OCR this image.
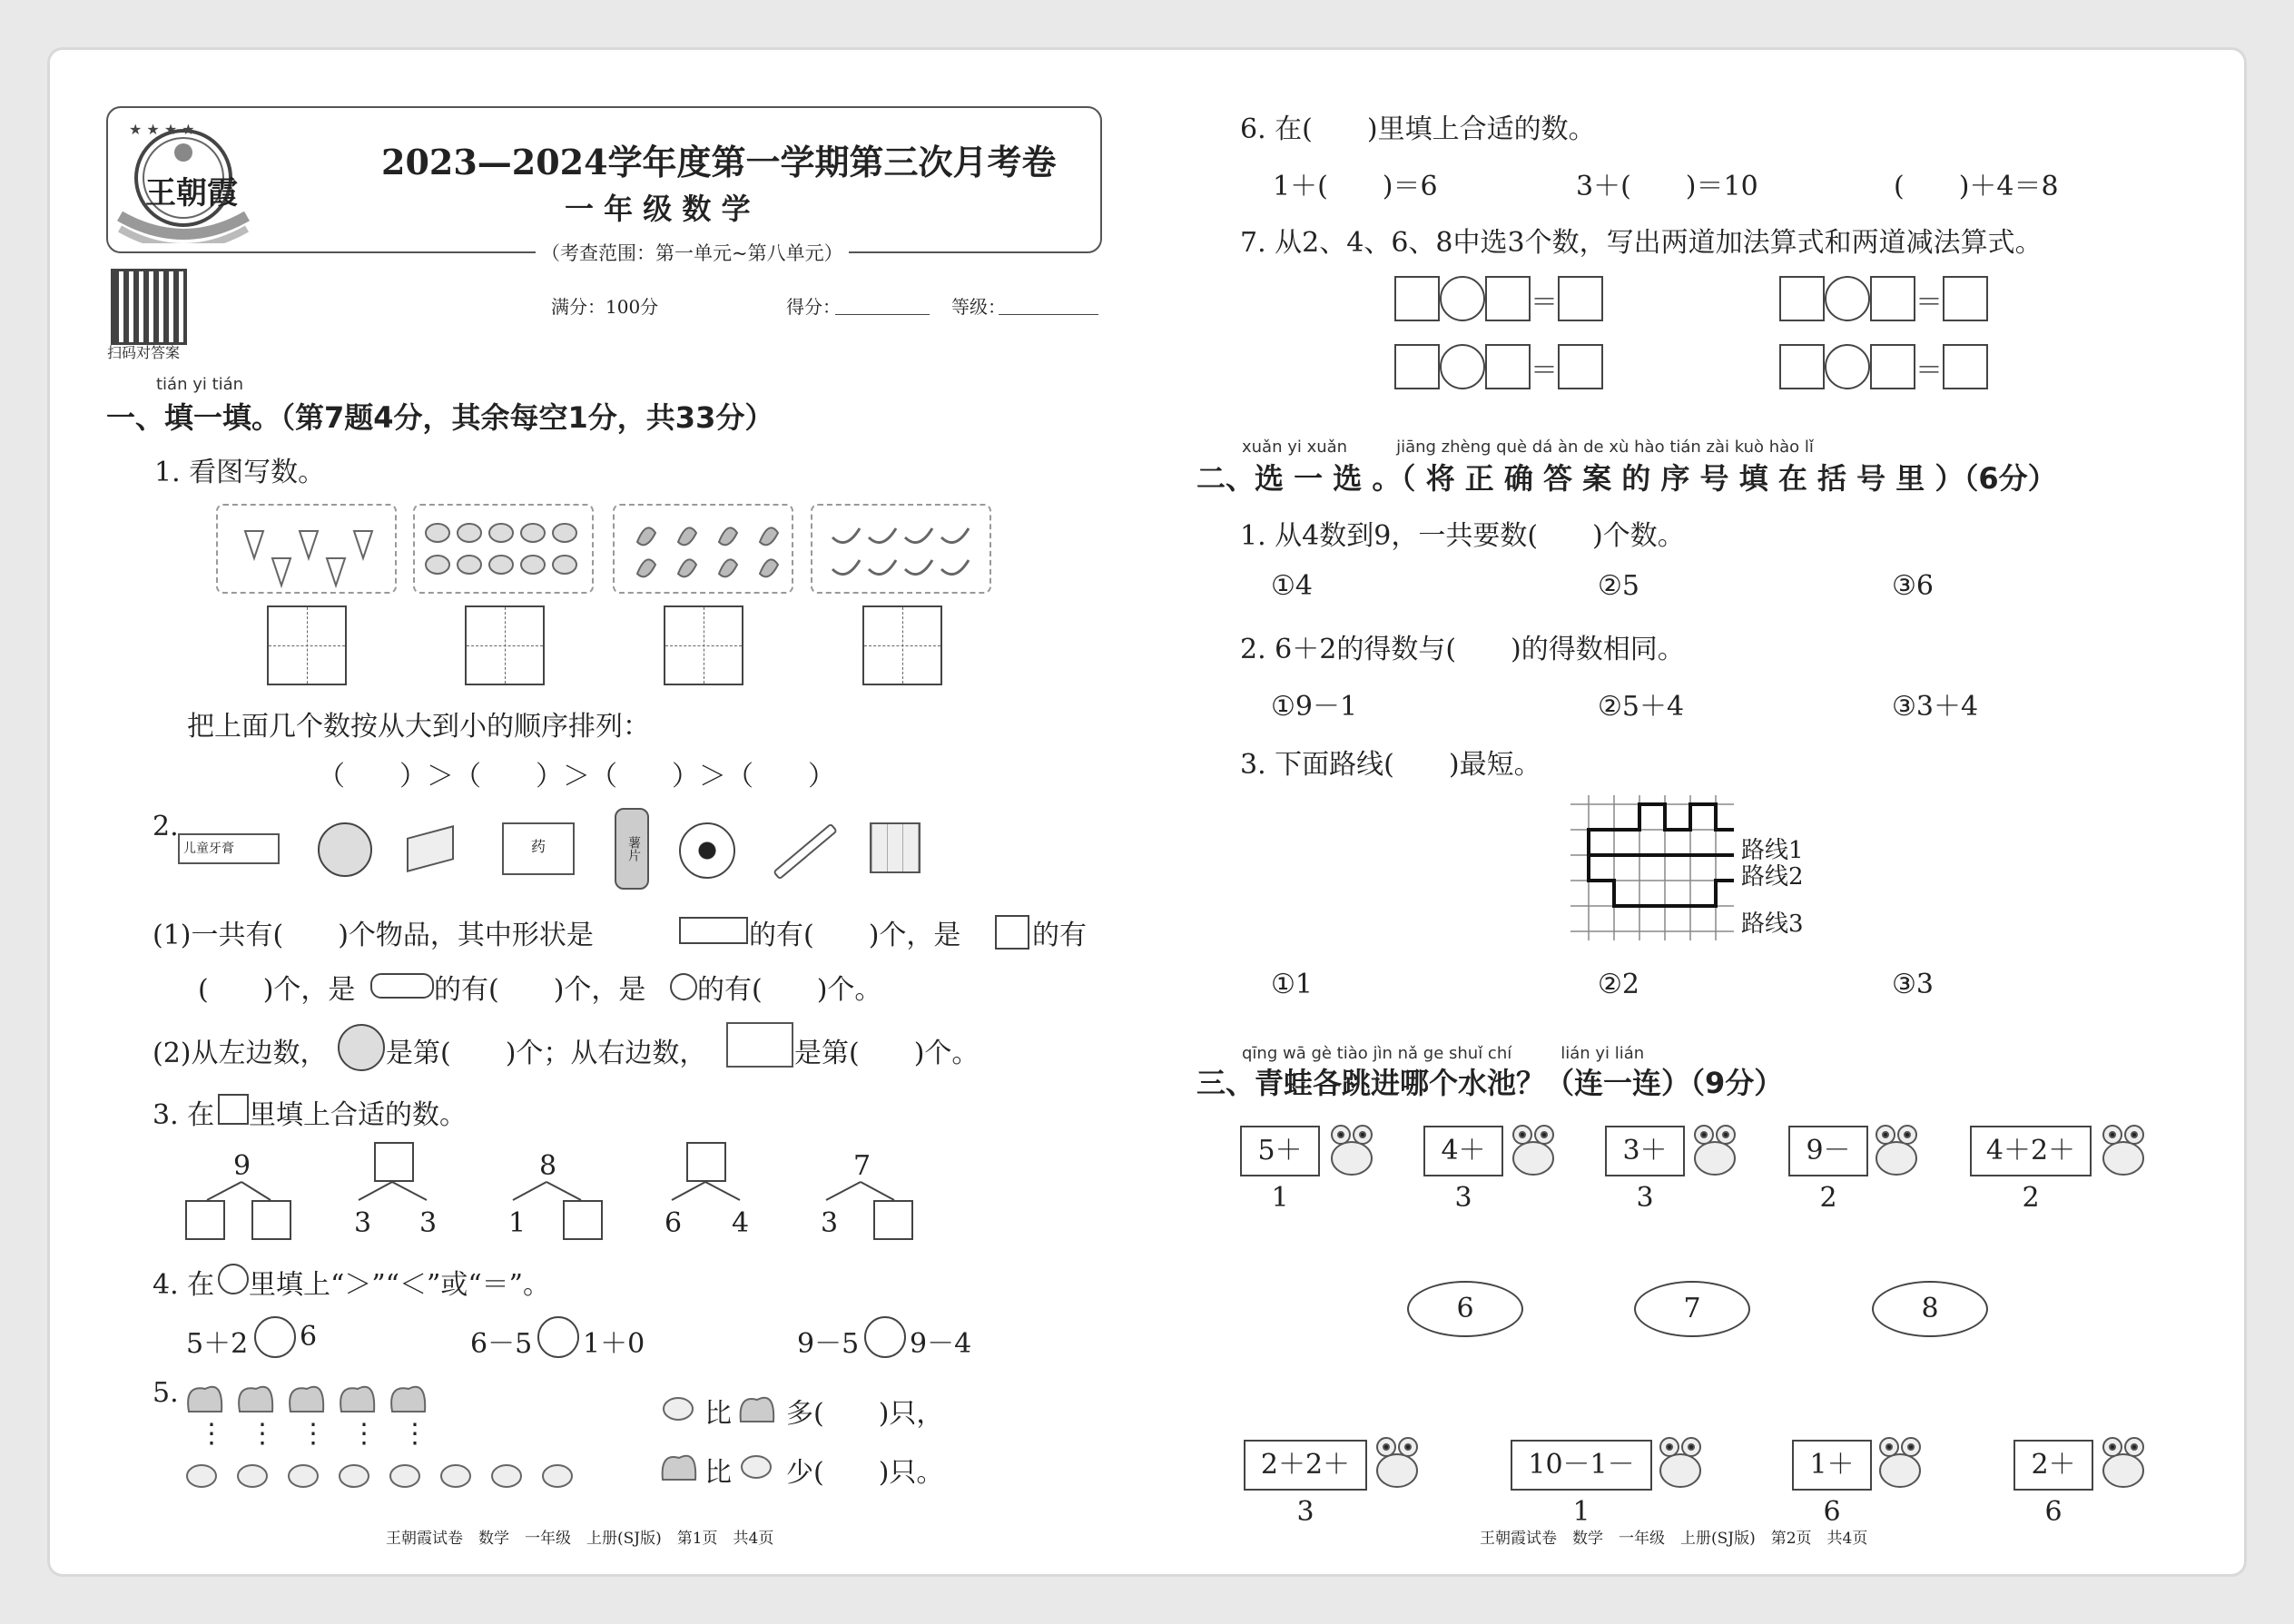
★ ★ ★ ★
王朝霞
2023—2024学年度第一学期第三次月考卷
一 年 级 数 学
（考查范围：第一单元~第八单元）
扫码对答案
满分：100分	得分：	等级：
tián yi tián
一、填一填。（第7题4分，其余每空1分，共33分）
1. 看图写数。
把上面几个数按从大到小的顺序排列：
（　　）＞（　　）＞（　　）＞（　　）
2.
儿童牙膏	药	薯片
(1)一共有(　　)个物品，其中形状是	的有(　　)个，是	的有
(　　)个，是	的有(　　)个，是 的有(　　)个。
(2)从左边数， 是第(　　)个；从右边数，	是第(　　)个。
3. 在 里填上合适的数。
9
3 3
8
1	6 4
7
3
4. 在 里填上“＞”“＜”或“＝”。
5＋2 6	6－5 1＋0	9－5 9－4
5.
⋮ ⋮ ⋮ ⋮ ⋮
比 多(　　)只，
比 少(　　)只。
王朝霞试卷　数学　一年级　上册(SJ版)　第1页　共4页
6. 在(　　)里填上合适的数。
1＋(　　)＝6	3＋(　　)＝10	(　　)＋4＝8
7. 从2、4、6、8中选3个数，写出两道加法算式和两道减法算式。
＝	＝
＝	＝
xuǎn yi xuǎn　　　jiāng zhèng què dá àn de xù hào tián zài kuò hào lǐ
二、选 一 选 。（ 将 正 确 答 案 的 序 号 填 在 括 号 里 ）（6分）
1. 从4数到9，一共要数(　　)个数。
①4	②5	③6
2. 6＋2的得数与(　　)的得数相同。
①9－1	②5＋4	③3＋4
3. 下面路线(　　)最短。
路线1
路线2
路线3
①1	②2	③3
qīng wā gè tiào jìn nǎ ge shuǐ chí　　　lián yi lián
三、青蛙各跳进哪个水池？（连一连）（9分）
5＋1
4＋3
3＋3
9－2
4＋2＋2
6	7	8
2＋2＋3
10－1－1
1＋6
2＋6
王朝霞试卷　数学　一年级　上册(SJ版)　第2页　共4页
